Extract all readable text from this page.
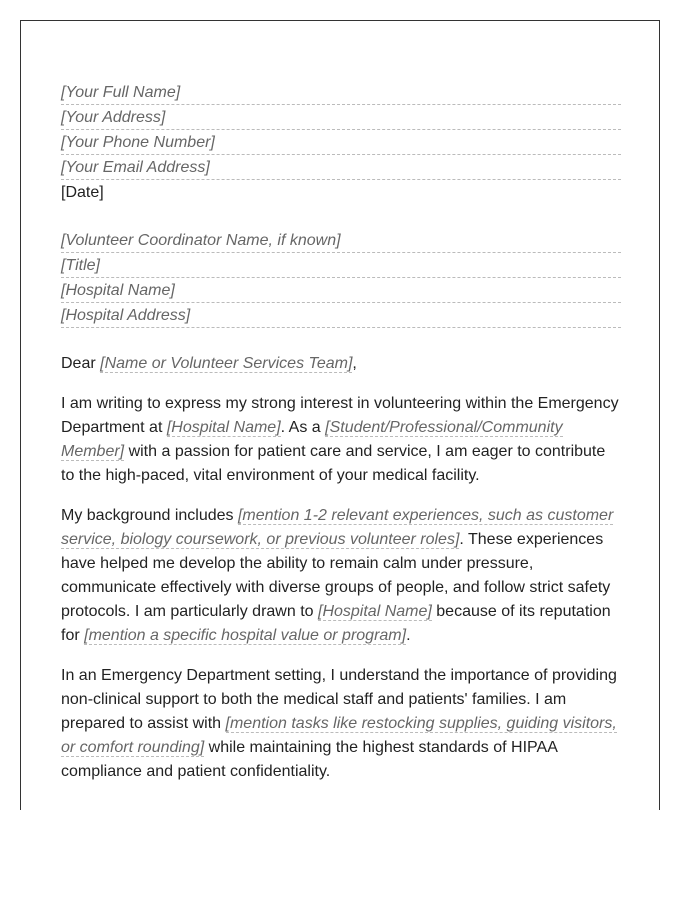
[Your Full Name]
[Your Address]
[Your Phone Number]
[Your Email Address]
[Date]
[Volunteer Coordinator Name, if known]
[Title]
[Hospital Name]
[Hospital Address]
Dear [Name or Volunteer Services Team],

I am writing to express my strong interest in volunteering within the Emergency Department at [Hospital Name]. As a [Student/Professional/Community Member] with a passion for patient care and service, I am eager to contribute to the high-paced, vital environment of your medical facility.

My background includes [mention 1-2 relevant experiences, such as customer service, biology coursework, or previous volunteer roles]. These experiences have helped me develop the ability to remain calm under pressure, communicate effectively with diverse groups of people, and follow strict safety protocols. I am particularly drawn to [Hospital Name] because of its reputation for [mention a specific hospital value or program].

In an Emergency Department setting, I understand the importance of providing non-clinical support to both the medical staff and patients' families. I am prepared to assist with [mention tasks like restocking supplies, guiding visitors, or comfort rounding] while maintaining the highest standards of HIPAA compliance and patient confidentiality.
